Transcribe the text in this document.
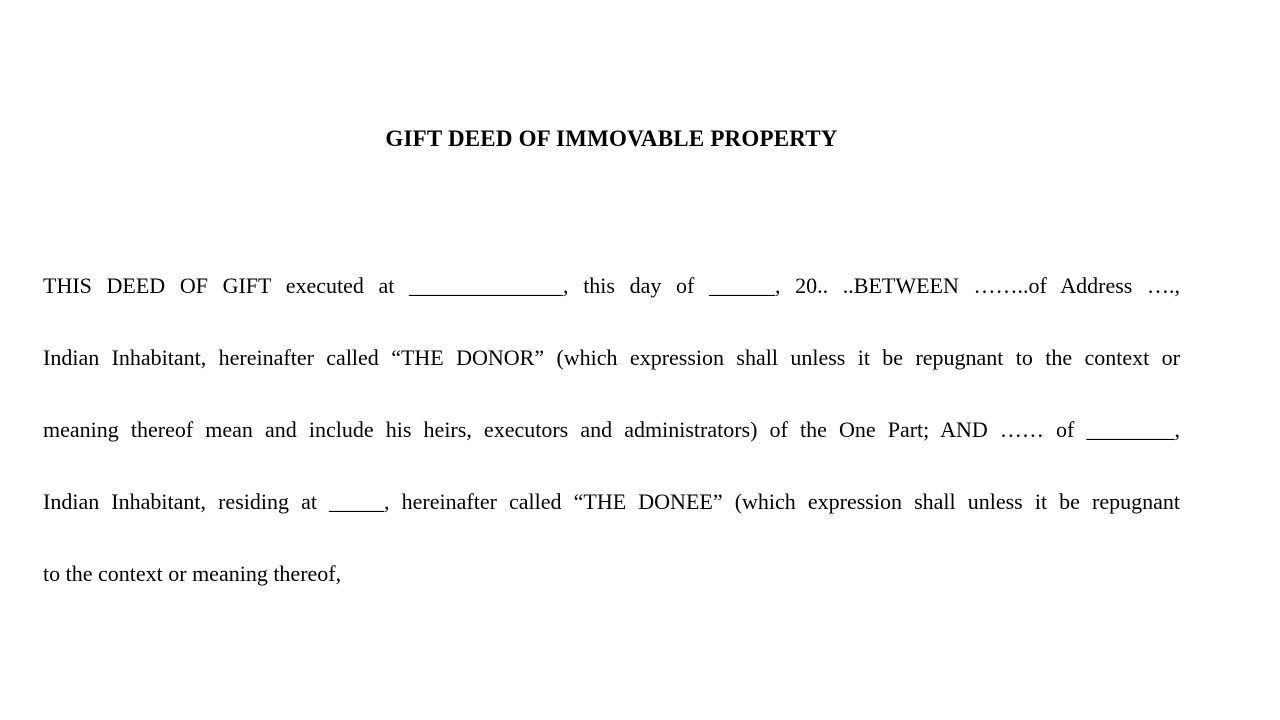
GIFT DEED OF IMMOVABLE PROPERTY
THIS DEED OF GIFT executed at ______________, this day of ______, 20.. ..BETWEEN ……..of Address ….,
Indian Inhabitant, hereinafter called “THE DONOR” (which expression shall unless it be repugnant to the context or
meaning thereof mean and include his heirs, executors and administrators) of the One Part; AND …… of ________,
Indian Inhabitant, residing at _____, hereinafter called “THE DONEE” (which expression shall unless it be repugnant
to the context or meaning thereof,
